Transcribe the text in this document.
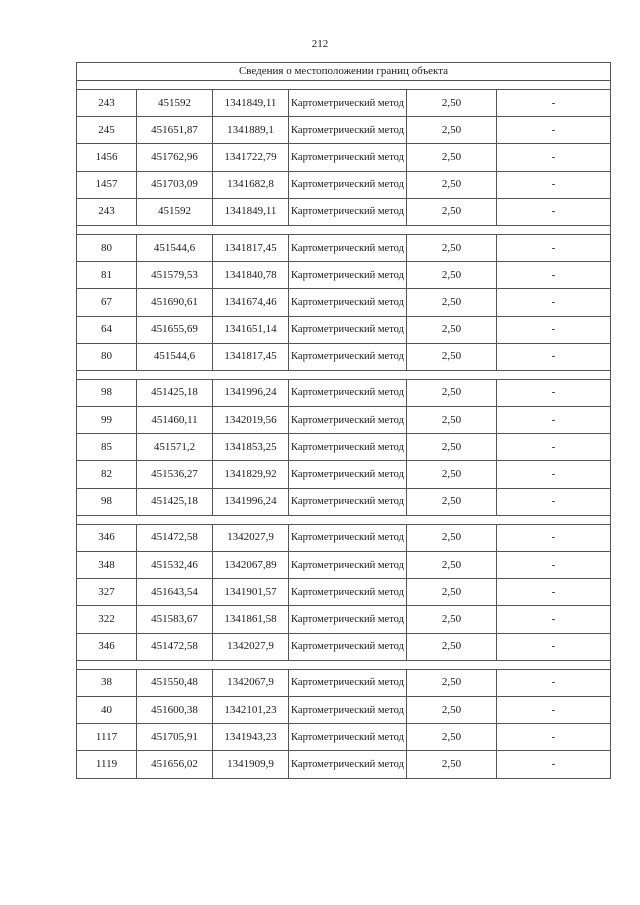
212
Сведения о местоположении границ объекта					

243	451592	1341849,11	Картометрический метод	2,50	-
245	451651,87	1341889,1	Картометрический метод	2,50	-
1456	451762,96	1341722,79	Картометрический метод	2,50	-
1457	451703,09	1341682,8	Картометрический метод	2,50	-
243	451592	1341849,11	Картометрический метод	2,50	-

80	451544,6	1341817,45	Картометрический метод	2,50	-
81	451579,53	1341840,78	Картометрический метод	2,50	-
67	451690,61	1341674,46	Картометрический метод	2,50	-
64	451655,69	1341651,14	Картометрический метод	2,50	-
80	451544,6	1341817,45	Картометрический метод	2,50	-

98	451425,18	1341996,24	Картометрический метод	2,50	-
99	451460,11	1342019,56	Картометрический метод	2,50	-
85	451571,2	1341853,25	Картометрический метод	2,50	-
82	451536,27	1341829,92	Картометрический метод	2,50	-
98	451425,18	1341996,24	Картометрический метод	2,50	-

346	451472,58	1342027,9	Картометрический метод	2,50	-
348	451532,46	1342067,89	Картометрический метод	2,50	-
327	451643,54	1341901,57	Картометрический метод	2,50	-
322	451583,67	1341861,58	Картометрический метод	2,50	-
346	451472,58	1342027,9	Картометрический метод	2,50	-

38	451550,48	1342067,9	Картометрический метод	2,50	-
40	451600,38	1342101,23	Картометрический метод	2,50	-
1117	451705,91	1341943,23	Картометрический метод	2,50	-
1119	451656,02	1341909,9	Картометрический метод	2,50	-
